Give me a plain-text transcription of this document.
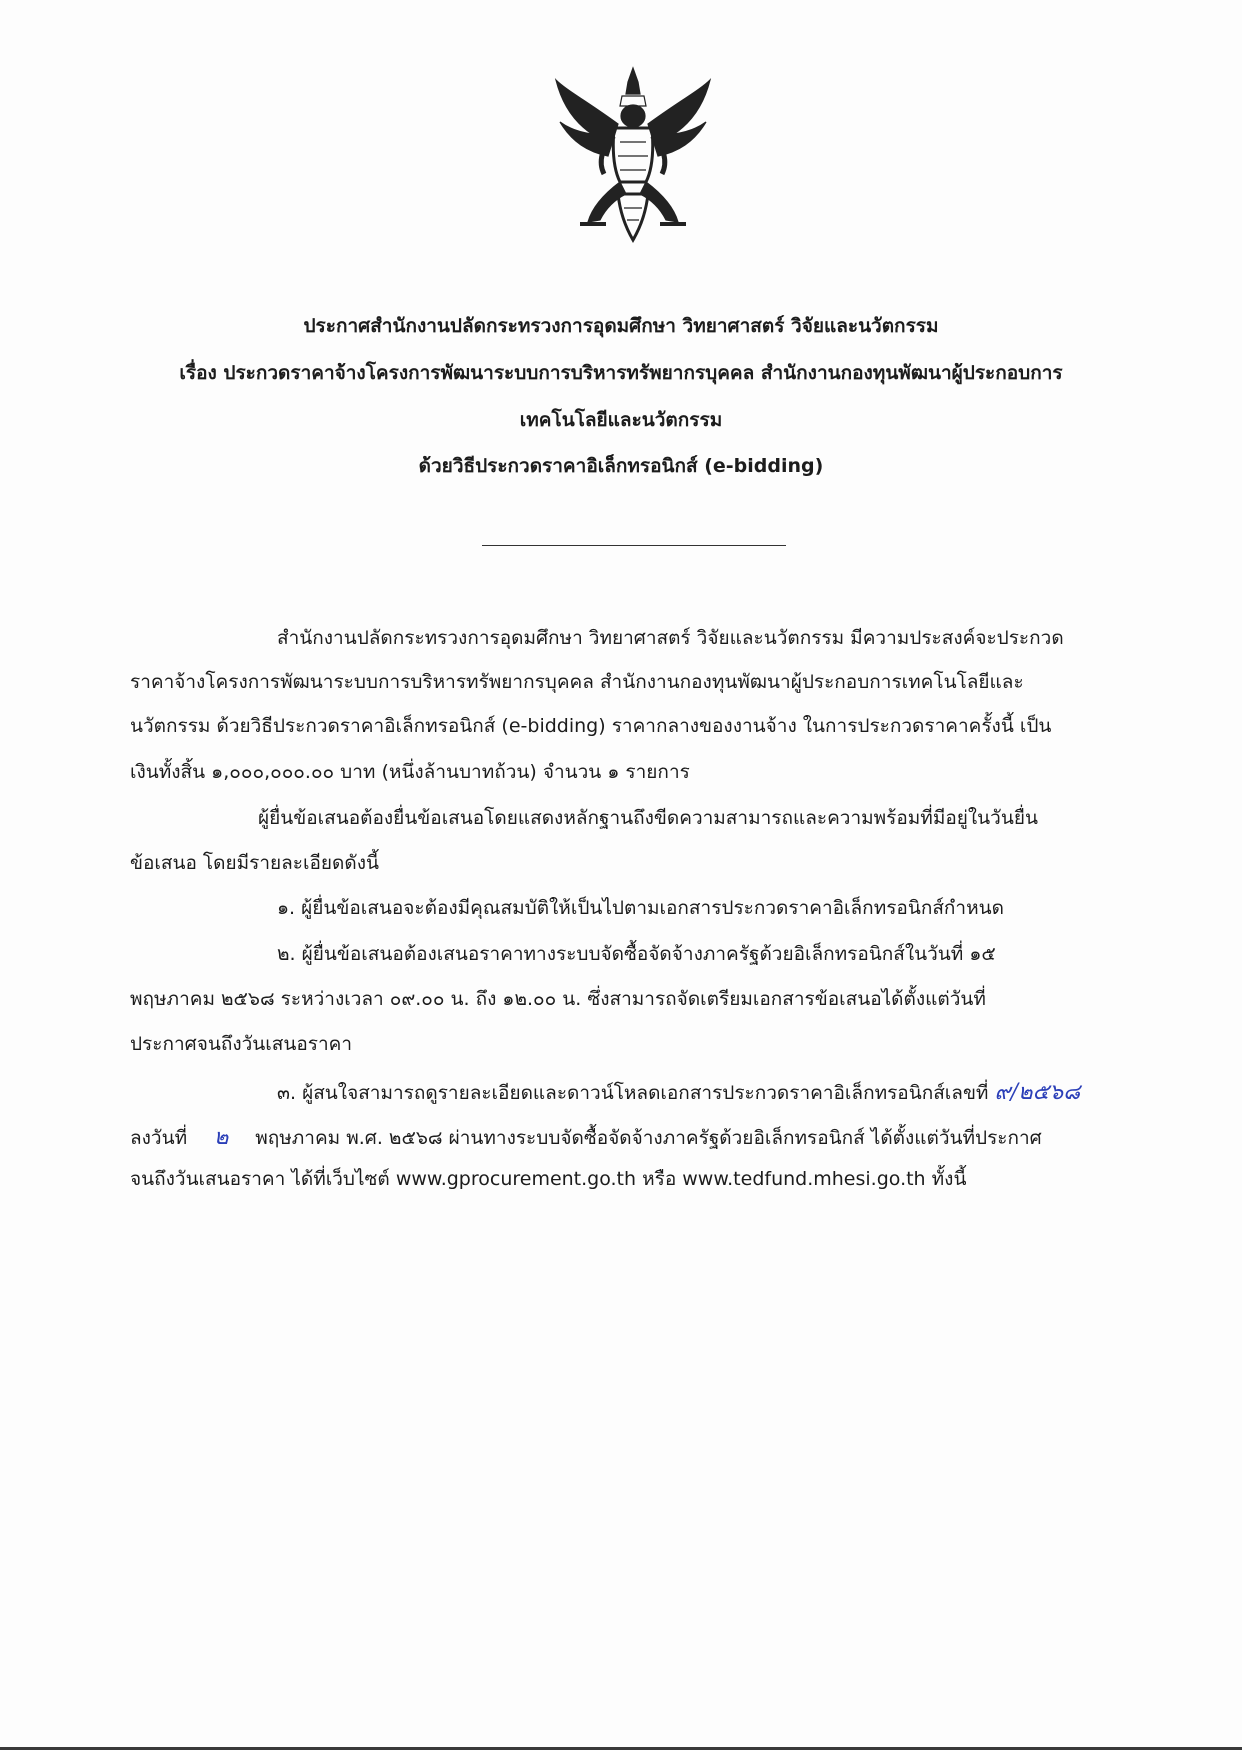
ประกาศสำนักงานปลัดกระทรวงการอุดมศึกษา วิทยาศาสตร์ วิจัยและนวัตกรรม
เรื่อง ประกวดราคาจ้างโครงการพัฒนาระบบการบริหารทรัพยากรบุคคล สำนักงานกองทุนพัฒนาผู้ประกอบการ
เทคโนโลยีและนวัตกรรม
ด้วยวิธีประกวดราคาอิเล็กทรอนิกส์ (e-bidding)
สำนักงานปลัดกระทรวงการอุดมศึกษา วิทยาศาสตร์ วิจัยและนวัตกรรม มีความประสงค์จะประกวด
ราคาจ้างโครงการพัฒนาระบบการบริหารทรัพยากรบุคคล สำนักงานกองทุนพัฒนาผู้ประกอบการเทคโนโลยีและ
นวัตกรรม ด้วยวิธีประกวดราคาอิเล็กทรอนิกส์ (e-bidding) ราคากลางของงานจ้าง ในการประกวดราคาครั้งนี้ เป็น
เงินทั้งสิ้น ๑,๐๐๐,๐๐๐.๐๐ บาท (หนึ่งล้านบาทถ้วน) จำนวน ๑ รายการ
ผู้ยื่นข้อเสนอต้องยื่นข้อเสนอโดยแสดงหลักฐานถึงขีดความสามารถและความพร้อมที่มีอยู่ในวันยื่น
ข้อเสนอ โดยมีรายละเอียดดังนี้
๑. ผู้ยื่นข้อเสนอจะต้องมีคุณสมบัติให้เป็นไปตามเอกสารประกวดราคาอิเล็กทรอนิกส์กำหนด
๒. ผู้ยื่นข้อเสนอต้องเสนอราคาทางระบบจัดซื้อจัดจ้างภาครัฐด้วยอิเล็กทรอนิกส์ในวันที่ ๑๕
พฤษภาคม ๒๕๖๘ ระหว่างเวลา ๐๙.๐๐ น. ถึง ๑๒.๐๐ น. ซึ่งสามารถจัดเตรียมเอกสารข้อเสนอได้ตั้งแต่วันที่
ประกาศจนถึงวันเสนอราคา
๓. ผู้สนใจสามารถดูรายละเอียดและดาวน์โหลดเอกสารประกวดราคาอิเล็กทรอนิกส์เลขที่ ๙/๒๕๖๘
ลงวันที่ ๒ พฤษภาคม พ.ศ. ๒๕๖๘ ผ่านทางระบบจัดซื้อจัดจ้างภาครัฐด้วยอิเล็กทรอนิกส์ ได้ตั้งแต่วันที่ประกาศ
จนถึงวันเสนอราคา ได้ที่เว็บไซต์ www.gprocurement.go.th หรือ www.tedfund.mhesi.go.th ทั้งนี้
